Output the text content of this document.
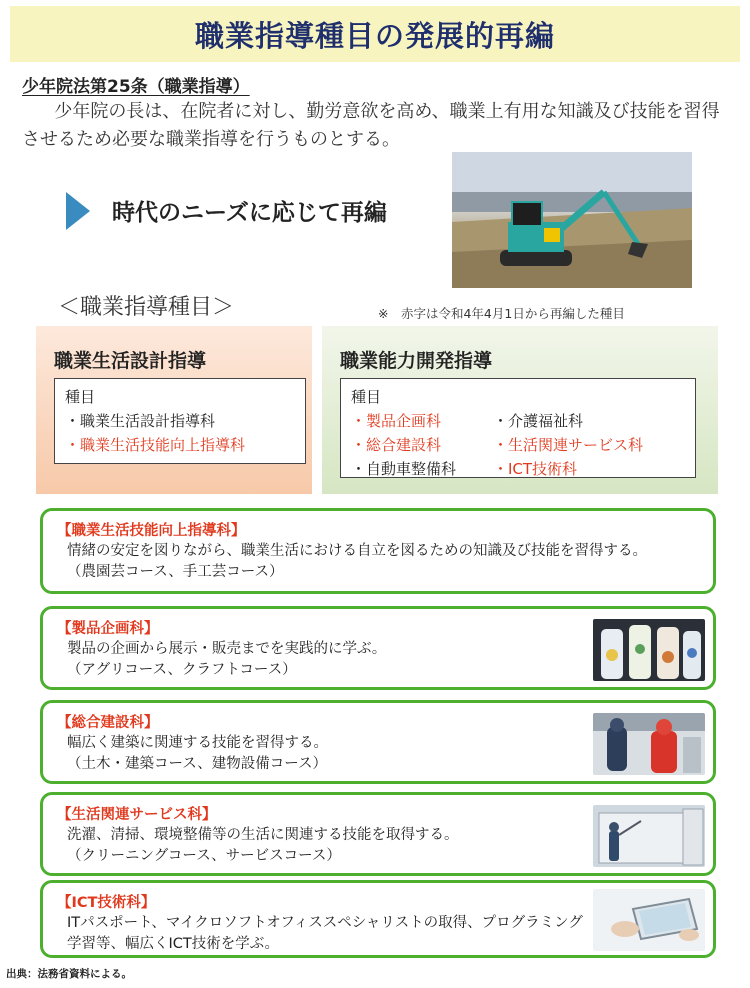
職業指導種目の発展的再編
少年院法第25条（職業指導）
少年院の長は、在院者に対し、勤労意欲を高め、職業上有用な知識及び技能を習得させるため必要な職業指導を行うものとする。
時代のニーズに応じて再編
＜職業指導種目＞	※　赤字は令和4年4月1日から再編した種目
職業生活設計指導
種目
・職業生活設計指導科
・職業生活技能向上指導科
職業能力開発指導
種目
・製品企画科	・介護福祉科
・総合建設科	・生活関連サービス科
・自動車整備科	・ICT技術科
【職業生活技能向上指導科】
情緒の安定を図りながら、職業生活における自立を図るための知識及び技能を習得する。
（農園芸コース、手工芸コース）
【製品企画科】
製品の企画から展示・販売までを実践的に学ぶ。
（アグリコース、クラフトコース）
【総合建設科】
幅広く建築に関連する技能を習得する。
（土木・建築コース、建物設備コース）
【生活関連サービス科】
洗濯、清掃、環境整備等の生活に関連する技能を取得する。
（クリーニングコース、サービスコース）
【ICT技術科】
ITパスポート、マイクロソフトオフィススペシャリストの取得、プログラミング
学習等、幅広くICT技術を学ぶ。
出典：法務省資料による。
